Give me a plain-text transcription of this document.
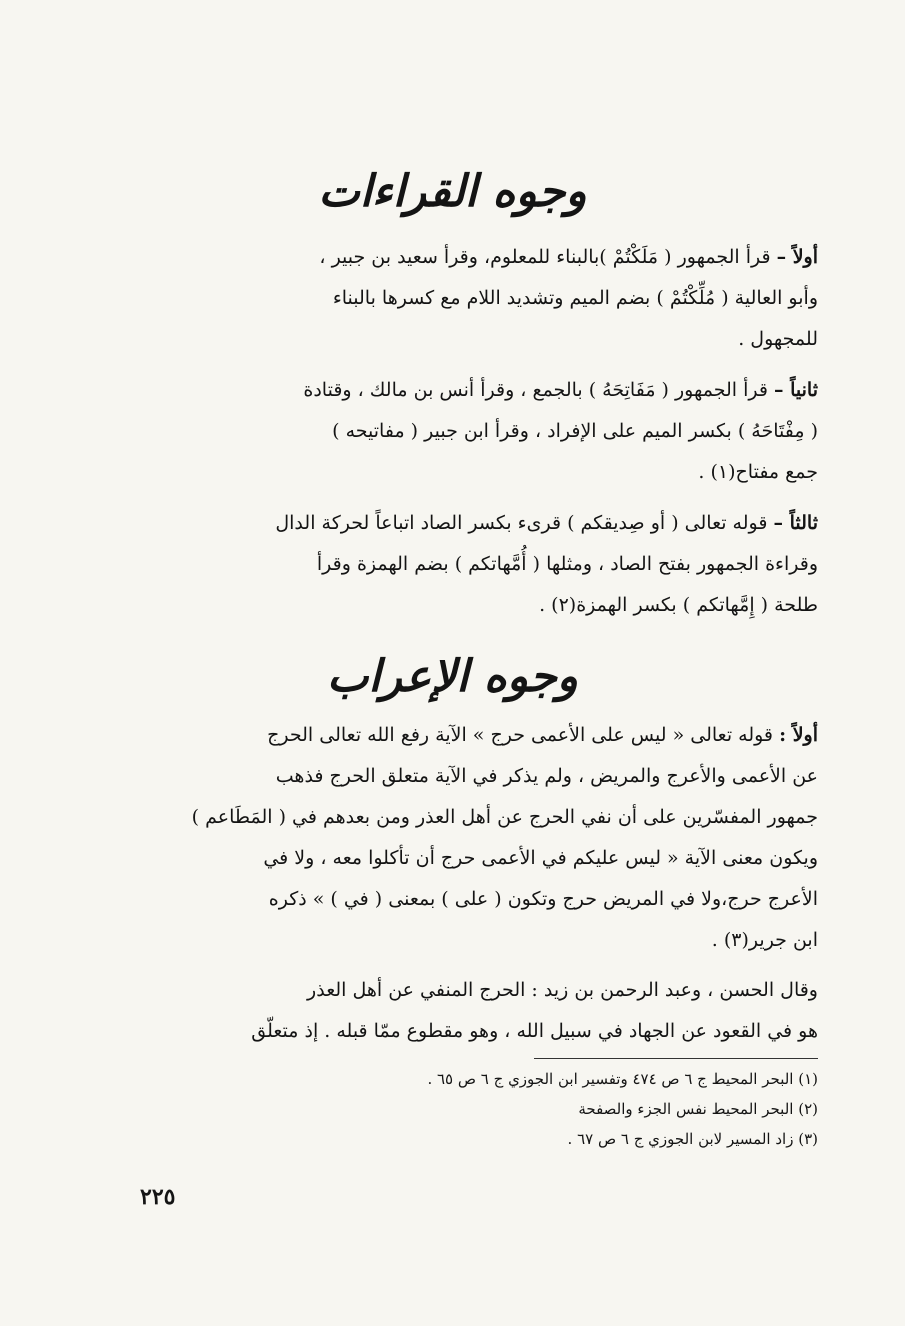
وجوه القراءات
أولاً – قرأ الجمهور ( مَلَكْتُمْ )بالبناء للمعلوم، وقرأ سعيد بن جبير ،
وأبو العالية ( مُلِّكْتُمْ ) بضم الميم وتشديد اللام مع كسرها بالبناء
للمجهول .
ثانياً – قرأ الجمهور ( مَفَاتِحَهُ ) بالجمع ، وقرأ أنس بن مالك ، وقتادة
( مِفْتَاحَهُ ) بكسر الميم على الإفراد ، وقرأ ابن جبير ( مفاتيحه )
جمع مفتاح(١) .
ثالثاً – قوله تعالى ( أو صِديقكم ) قرىء بكسر الصاد اتباعاً لحركة الدال
وقراءة الجمهور بفتح الصاد ، ومثلها ( أُمَّهاتكم ) بضم الهمزة وقرأ
طلحة ( إِمَّهاتكم ) بكسر الهمزة(٢) .
وجوه الإعراب
أولاً : قوله تعالى « ليس على الأعمى حرج » الآية رفع الله تعالى الحرج
عن الأعمى والأعرج والمريض ، ولم يذكر في الآية متعلق الحرج فذهب
جمهور المفسّرين على أن نفي الحرج عن أهل العذر ومن بعدهم في ( المَطَاعم )
ويكون معنى الآية « ليس عليكم في الأعمى حرج أن تأكلوا معه ، ولا في
الأعرج حرج،ولا في المريض حرج وتكون ( على ) بمعنى ( في ) » ذكره
ابن جرير(٣) .
وقال الحسن ، وعبد الرحمن بن زيد : الحرج المنفي عن أهل العذر
هو في القعود عن الجهاد في سبيل الله ، وهو مقطوع ممّا قبله . إذ متعلّق
(١) البحر المحيط ج ٦ ص ٤٧٤ وتفسير ابن الجوزي ج ٦ ص ٦٥ .
(٢) البحر المحيط نفس الجزء والصفحة
(٣) زاد المسير لابن الجوزي ج ٦ ص ٦٧ .
٢٢٥
